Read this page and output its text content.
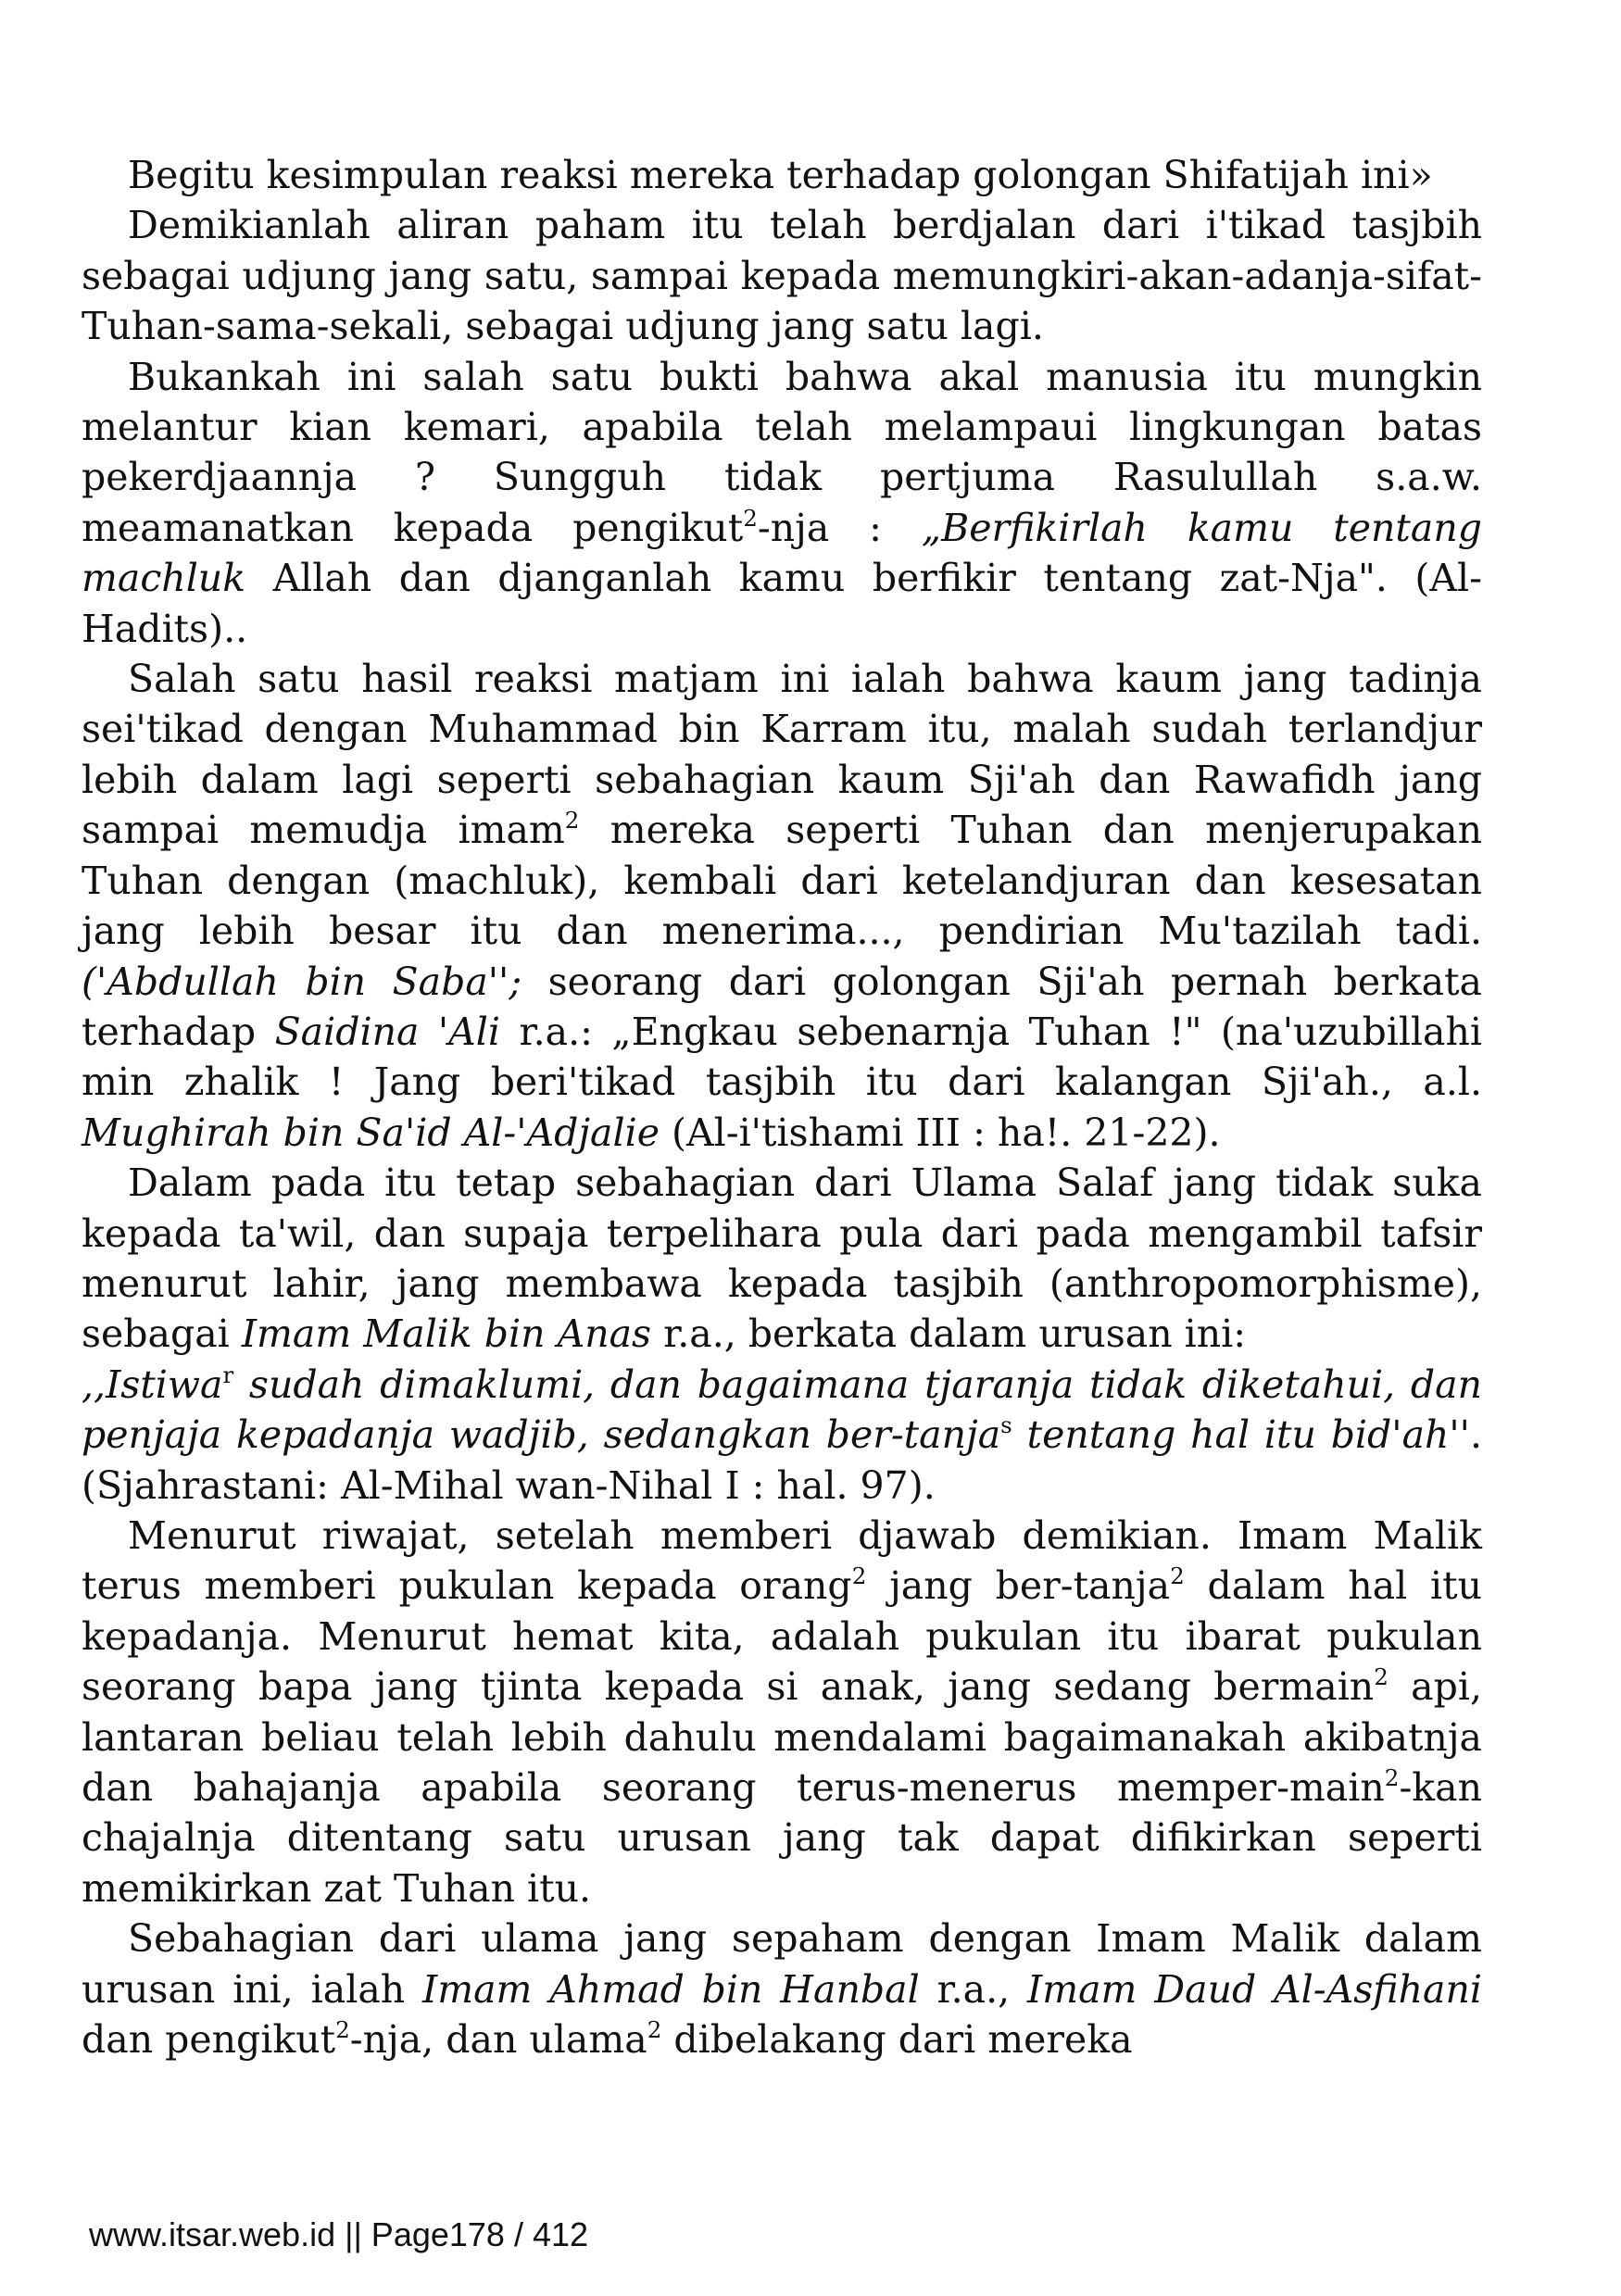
Begitu kesimpulan reaksi mereka terhadap golongan Shifatijah ini»

Demikianlah aliran paham itu telah berdjalan dari i'tikad tasjbih sebagai udjung jang satu, sampai kepada memungkiri-akan-adanja-sifat-Tuhan-sama-sekali, sebagai udjung jang satu lagi.

Bukankah ini salah satu bukti bahwa akal manusia itu mungkin melantur kian kemari, apabila telah melampaui lingkungan batas pekerdjaannja ? Sungguh tidak pertjuma Rasulullah s.a.w. meamanatkan kepada pengikut$^2$-nja : „Berfikirlah kamu tentang machluk Allah dan djanganlah kamu berfikir tentang zat-Nja". (Al-Hadits)..

Salah satu hasil reaksi matjam ini ialah bahwa kaum jang tadinja sei'tikad dengan Muhammad bin Karram itu, malah sudah terlandjur lebih dalam lagi seperti sebahagian kaum Sji'ah dan Rawafidh jang sampai memudja imam$^2$ mereka seperti Tuhan dan menjerupakan Tuhan dengan (machluk), kembali dari ketelandjuran dan kesesatan jang lebih besar itu dan menerima..., pendirian Mu'tazilah tadi. ('Abdullah bin Saba''; seorang dari golongan Sji'ah pernah berkata terhadap Saidina 'Ali r.a.: „Engkau sebenarnja Tuhan !" (na'uzubillahi min zhalik ! Jang beri'tikad tasjbih itu dari kalangan Sji'ah., a.l. Mughirah bin Sa'id Al-'Adjalie (Al-i'tishami III : ha!. 21-22).

Dalam pada itu tetap sebahagian dari Ulama Salaf jang tidak suka kepada ta'wil, dan supaja terpelihara pula dari pada mengambil tafsir menurut lahir, jang membawa kepada tasjbih (anthropomorphisme), sebagai Imam Malik bin Anas r.a., berkata dalam urusan ini:

,,Istiwa$^r$ sudah dimaklumi, dan bagaimana tjaranja tidak diketahui, dan penjaja kepadanja wadjib, sedangkan ber-tanja$^s$ tentang hal itu bid'ah''. (Sjahrastani: Al-Mihal wan-Nihal I : hal. 97).

Menurut riwajat, setelah memberi djawab demikian. Imam Malik terus memberi pukulan kepada orang$^2$ jang ber-tanja$^2$ dalam hal itu kepadanja. Menurut hemat kita, adalah pukulan itu ibarat pukulan seorang bapa jang tjinta kepada si anak, jang sedang bermain$^2$ api, lantaran beliau telah lebih dahulu mendalami bagaimanakah akibatnja dan bahajanja apabila seorang terus-menerus memper-main$^2$-kan chajalnja ditentang satu urusan jang tak dapat difikirkan seperti memikirkan zat Tuhan itu.

Sebahagian dari ulama jang sepaham dengan Imam Malik dalam urusan ini, ialah Imam Ahmad bin Hanbal r.a., Imam Daud Al-Asfihani dan pengikut$^2$-nja, dan ulama$^2$ dibelakang dari mereka

www.itsar.web.id || Page178 / 412
